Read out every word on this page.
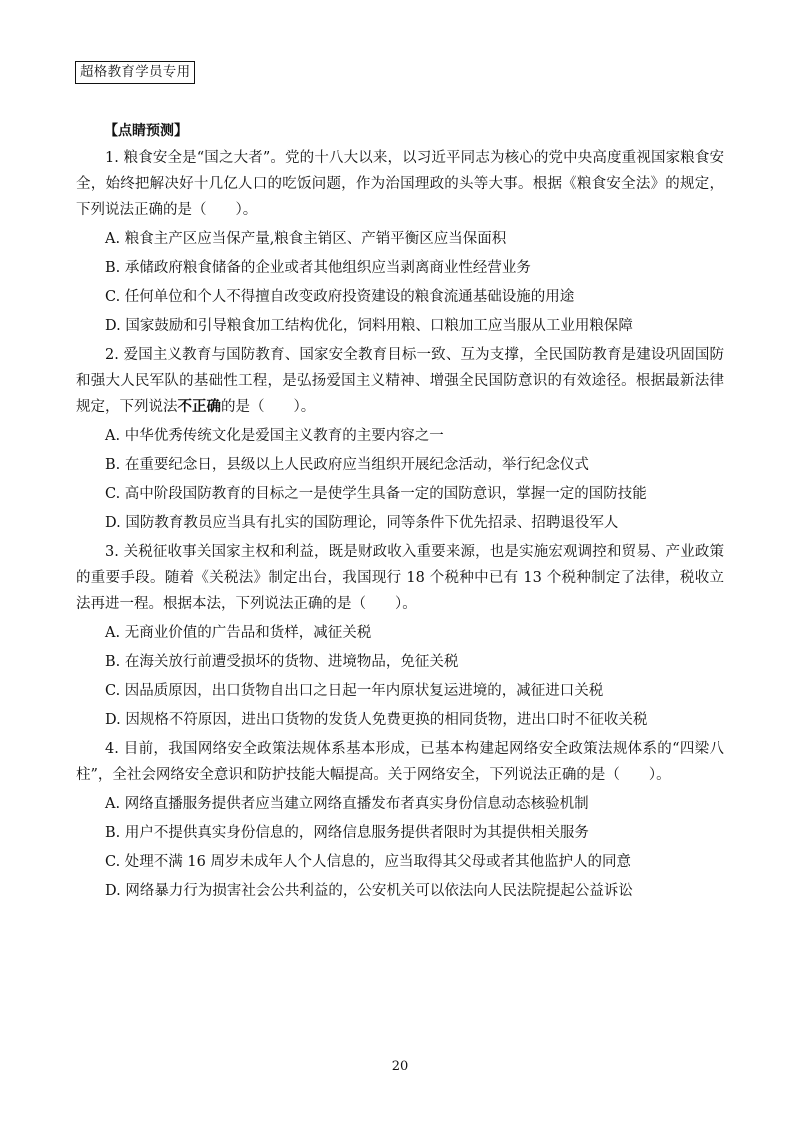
超格教育学员专用
【点睛预测】

1. 粮食安全是“国之大者”。党的十八大以来，以习近平同志为核心的党中央高度重视国家粮食安全，始终把解决好十几亿人口的吃饭问题，作为治国理政的头等大事。根据《粮食安全法》的规定，下列说法正确的是（　　）。

A. 粮食主产区应当保产量,粮食主销区、产销平衡区应当保面积

B. 承储政府粮食储备的企业或者其他组织应当剥离商业性经营业务

C. 任何单位和个人不得擅自改变政府投资建设的粮食流通基础设施的用途

D. 国家鼓励和引导粮食加工结构优化，饲料用粮、口粮加工应当服从工业用粮保障

2. 爱国主义教育与国防教育、国家安全教育目标一致、互为支撑，全民国防教育是建设巩固国防和强大人民军队的基础性工程，是弘扬爱国主义精神、增强全民国防意识的有效途径。根据最新法律规定，下列说法不正确的是（　　）。

A. 中华优秀传统文化是爱国主义教育的主要内容之一

B. 在重要纪念日，县级以上人民政府应当组织开展纪念活动，举行纪念仪式

C. 高中阶段国防教育的目标之一是使学生具备一定的国防意识，掌握一定的国防技能

D. 国防教育教员应当具有扎实的国防理论，同等条件下优先招录、招聘退役军人

3. 关税征收事关国家主权和利益，既是财政收入重要来源，也是实施宏观调控和贸易、产业政策的重要手段。随着《关税法》制定出台，我国现行 18 个税种中已有 13 个税种制定了法律，税收立法再进一程。根据本法，下列说法正确的是（　　）。

A. 无商业价值的广告品和货样，减征关税

B. 在海关放行前遭受损坏的货物、进境物品，免征关税

C. 因品质原因，出口货物自出口之日起一年内原状复运进境的，减征进口关税

D. 因规格不符原因，进出口货物的发货人免费更换的相同货物，进出口时不征收关税

4. 目前，我国网络安全政策法规体系基本形成，已基本构建起网络安全政策法规体系的“四梁八柱”，全社会网络安全意识和防护技能大幅提高。关于网络安全，下列说法正确的是（　　）。

A. 网络直播服务提供者应当建立网络直播发布者真实身份信息动态核验机制

B. 用户不提供真实身份信息的，网络信息服务提供者限时为其提供相关服务

C. 处理不满 16 周岁未成年人个人信息的，应当取得其父母或者其他监护人的同意

D. 网络暴力行为损害社会公共利益的，公安机关可以依法向人民法院提起公益诉讼

20
